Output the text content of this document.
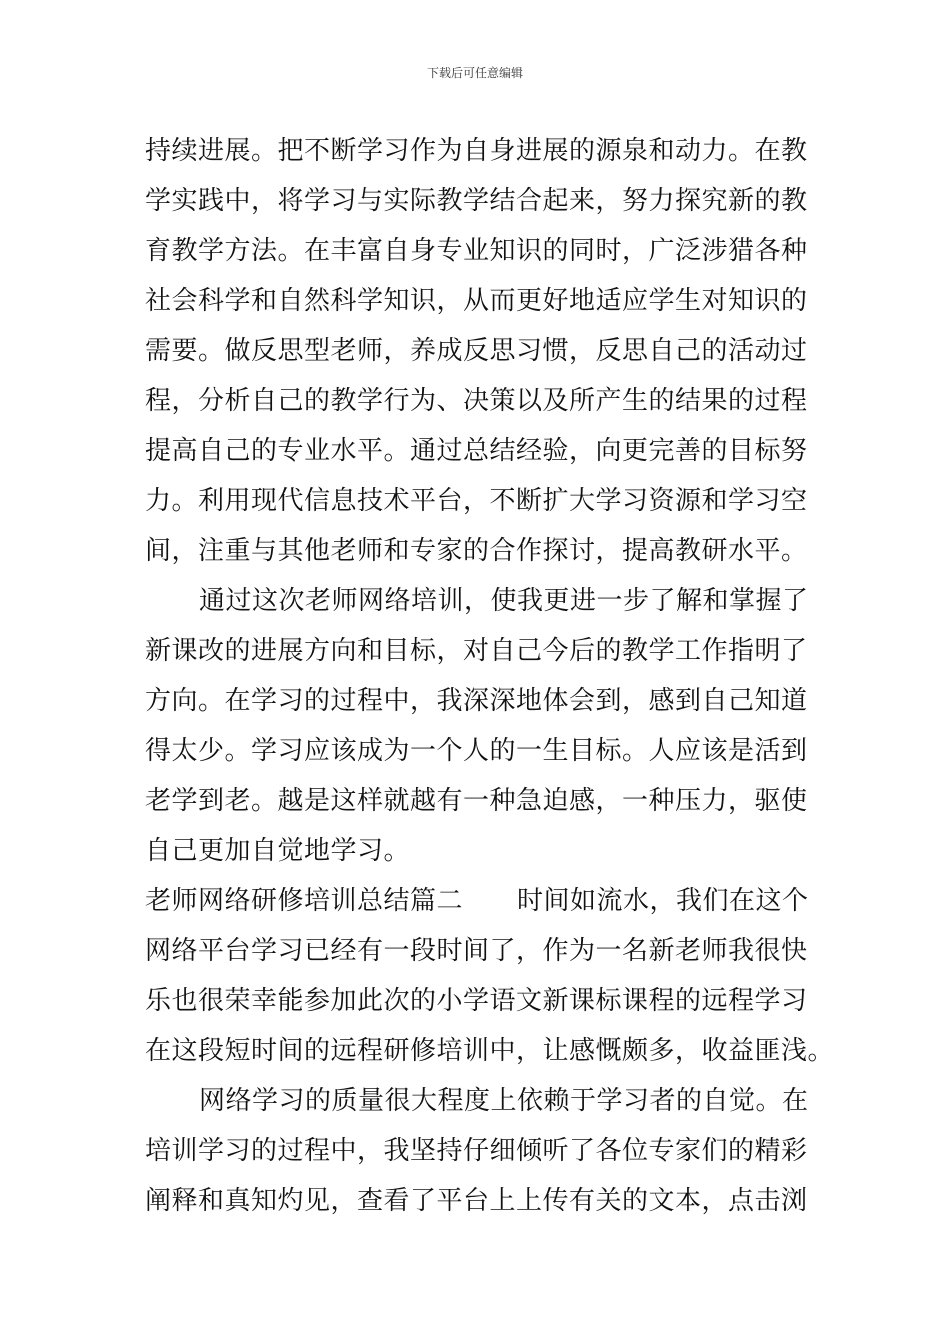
下载后可任意编辑
持续进展。把不断学习作为自身进展的源泉和动力。在教
学实践中，将学习与实际教学结合起来，努力探究新的教
育教学方法。在丰富自身专业知识的同时，广泛涉猎各种
社会科学和自然科学知识，从而更好地适应学生对知识的
需要。做反思型老师，养成反思习惯，反思自己的活动过
程，分析自己的教学行为、决策以及所产生的结果的过程
提高自己的专业水平。通过总结经验，向更完善的目标努
力。利用现代信息技术平台，不断扩大学习资源和学习空
间，注重与其他老师和专家的合作探讨，提高教研水平。
通过这次老师网络培训，使我更进一步了解和掌握了
新课改的进展方向和目标，对自己今后的教学工作指明了
方向。在学习的过程中，我深深地体会到，感到自己知道
得太少。学习应该成为一个人的一生目标。人应该是活到
老学到老。越是这样就越有一种急迫感，一种压力，驱使
自己更加自觉地学习。
老师网络研修培训总结篇二 时间如流水，我们在这个
网络平台学习已经有一段时间了，作为一名新老师我很快
乐也很荣幸能参加此次的小学语文新课标课程的远程学习
在这段短时间的远程研修培训中，让感慨颇多，收益匪浅。
网络学习的质量很大程度上依赖于学习者的自觉。在
培训学习的过程中，我坚持仔细倾听了各位专家们的精彩
阐释和真知灼见，查看了平台上上传有关的文本，点击浏
